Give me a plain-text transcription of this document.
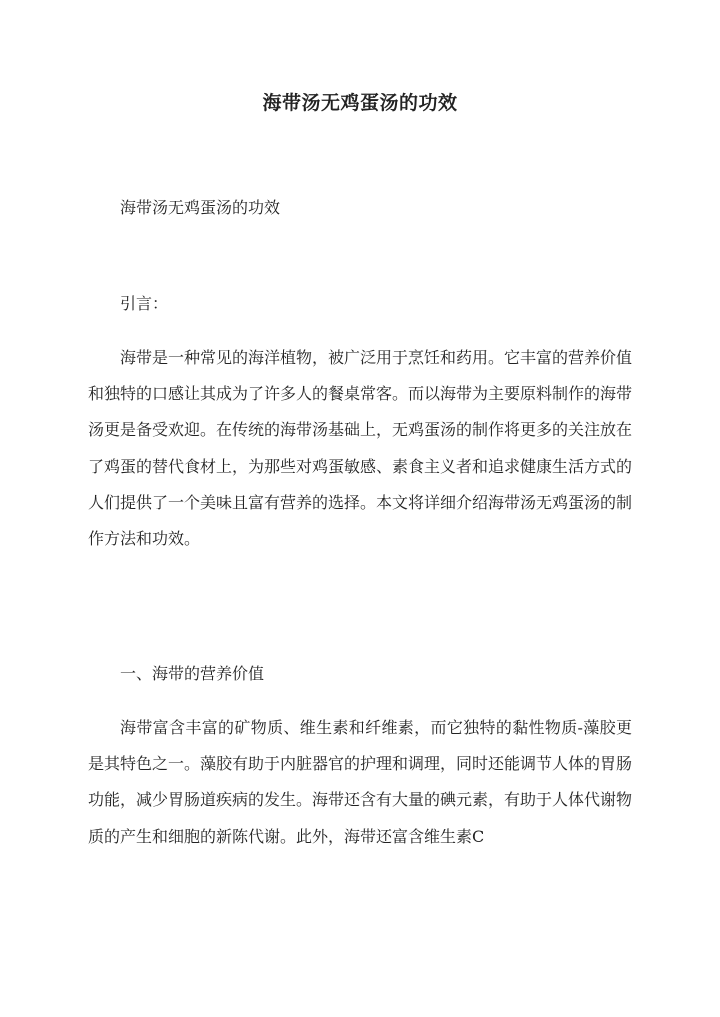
海带汤无鸡蛋汤的功效
海带汤无鸡蛋汤的功效
引言：
海带是一种常见的海洋植物，被广泛用于烹饪和药用。它丰富的营养价值和独特的口感让其成为了许多人的餐桌常客。而以海带为主要原料制作的海带汤更是备受欢迎。在传统的海带汤基础上，无鸡蛋汤的制作将更多的关注放在了鸡蛋的替代食材上，为那些对鸡蛋敏感、素食主义者和追求健康生活方式的人们提供了一个美味且富有营养的选择。本文将详细介绍海带汤无鸡蛋汤的制作方法和功效。
一、海带的营养价值
海带富含丰富的矿物质、维生素和纤维素，而它独特的黏性物质-藻胶更是其特色之一。藻胶有助于内脏器官的护理和调理，同时还能调节人体的胃肠功能，减少胃肠道疾病的发生。海带还含有大量的碘元素，有助于人体代谢物质的产生和细胞的新陈代谢。此外，海带还富含维生素C
